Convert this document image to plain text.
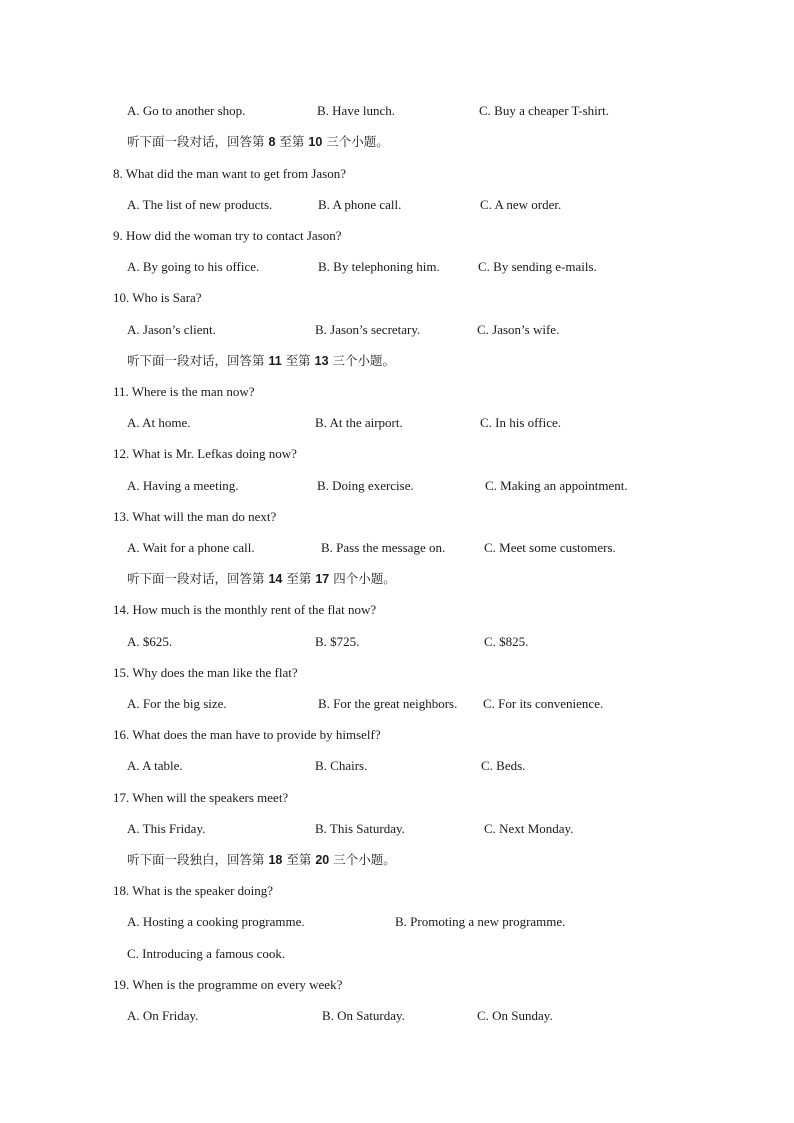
A. Go to another shop.	B. Have lunch.	C. Buy a cheaper T-shirt.
听下面一段对话，回答第 8 至第 10 三个小题。
8. What did the man want to get from Jason?
A. The list of new products.	B. A phone call.	C. A new order.
9. How did the woman try to contact Jason?
A. By going to his office.	B. By telephoning him.	C. By sending e-mails.
10. Who is Sara?
A. Jason’s client.	B. Jason’s secretary.	C. Jason’s wife.
听下面一段对话，回答第 11 至第 13 三个小题。
11. Where is the man now?
A. At home.	B. At the airport.	C. In his office.
12. What is Mr. Lefkas doing now?
A. Having a meeting.	B. Doing exercise.	C. Making an appointment.
13. What will the man do next?
A. Wait for a phone call.	B. Pass the message on.	C. Meet some customers.
听下面一段对话，回答第 14 至第 17 四个小题。
14. How much is the monthly rent of the flat now?
A. $625.	B. $725.	C. $825.
15. Why does the man like the flat?
A. For the big size.	B. For the great neighbors. C. For its convenience.
16. What does the man have to provide by himself?
A. A table.	B. Chairs.	C. Beds.
17. When will the speakers meet?
A. This Friday.	B. This Saturday.	C. Next Monday.
听下面一段独白，回答第 18 至第 20 三个小题。
18. What is the speaker doing?
A. Hosting a cooking programme.	B. Promoting a new programme.
C. Introducing a famous cook.
19. When is the programme on every week?
A. On Friday.	B. On Saturday.	C. On Sunday.
